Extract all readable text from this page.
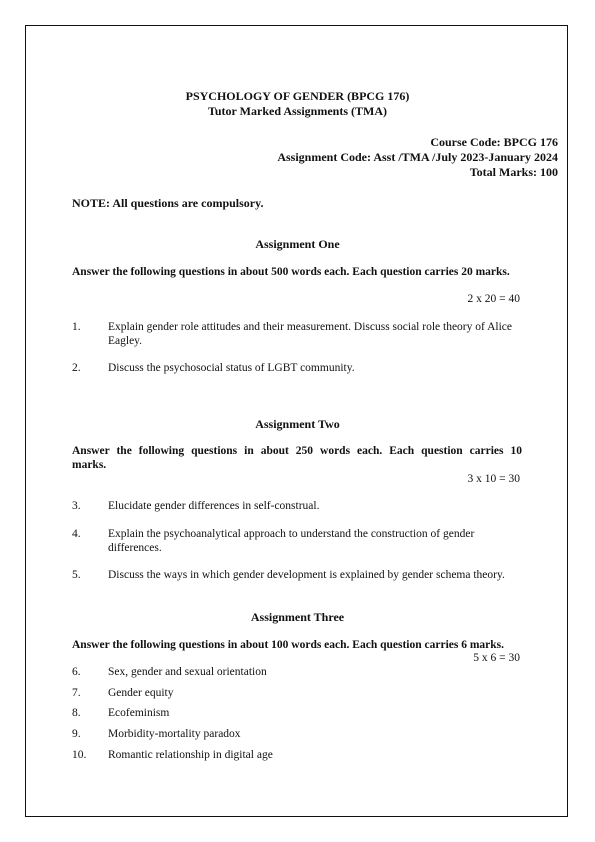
PSYCHOLOGY OF GENDER (BPCG 176)

Tutor Marked Assignments (TMA)

Course Code: BPCG 176

Assignment Code: Asst /TMA /July 2023-January 2024

Total Marks: 100

NOTE: All questions are compulsory.

Assignment One

Answer the following questions in about 500 words each. Each question carries 20 marks.

2 x 20 = 40

1. Explain gender role attitudes and their measurement. Discuss social role theory of Alice Eagley.

2. Discuss the psychosocial status of LGBT community.

Assignment Two

Answer the following questions in about 250 words each. Each question carries 10

marks.

3 x 10 = 30

3. Elucidate gender differences in self-construal.

4. Explain the psychoanalytical approach to understand the construction of gender differences.

5. Discuss the ways in which gender development is explained by gender schema theory.

Assignment Three

Answer the following questions in about 100 words each. Each question carries 6 marks.

5 x 6 = 30

6. Sex, gender and sexual orientation

7. Gender equity

8. Ecofeminism

9. Morbidity-mortality paradox

10. Romantic relationship in digital age
